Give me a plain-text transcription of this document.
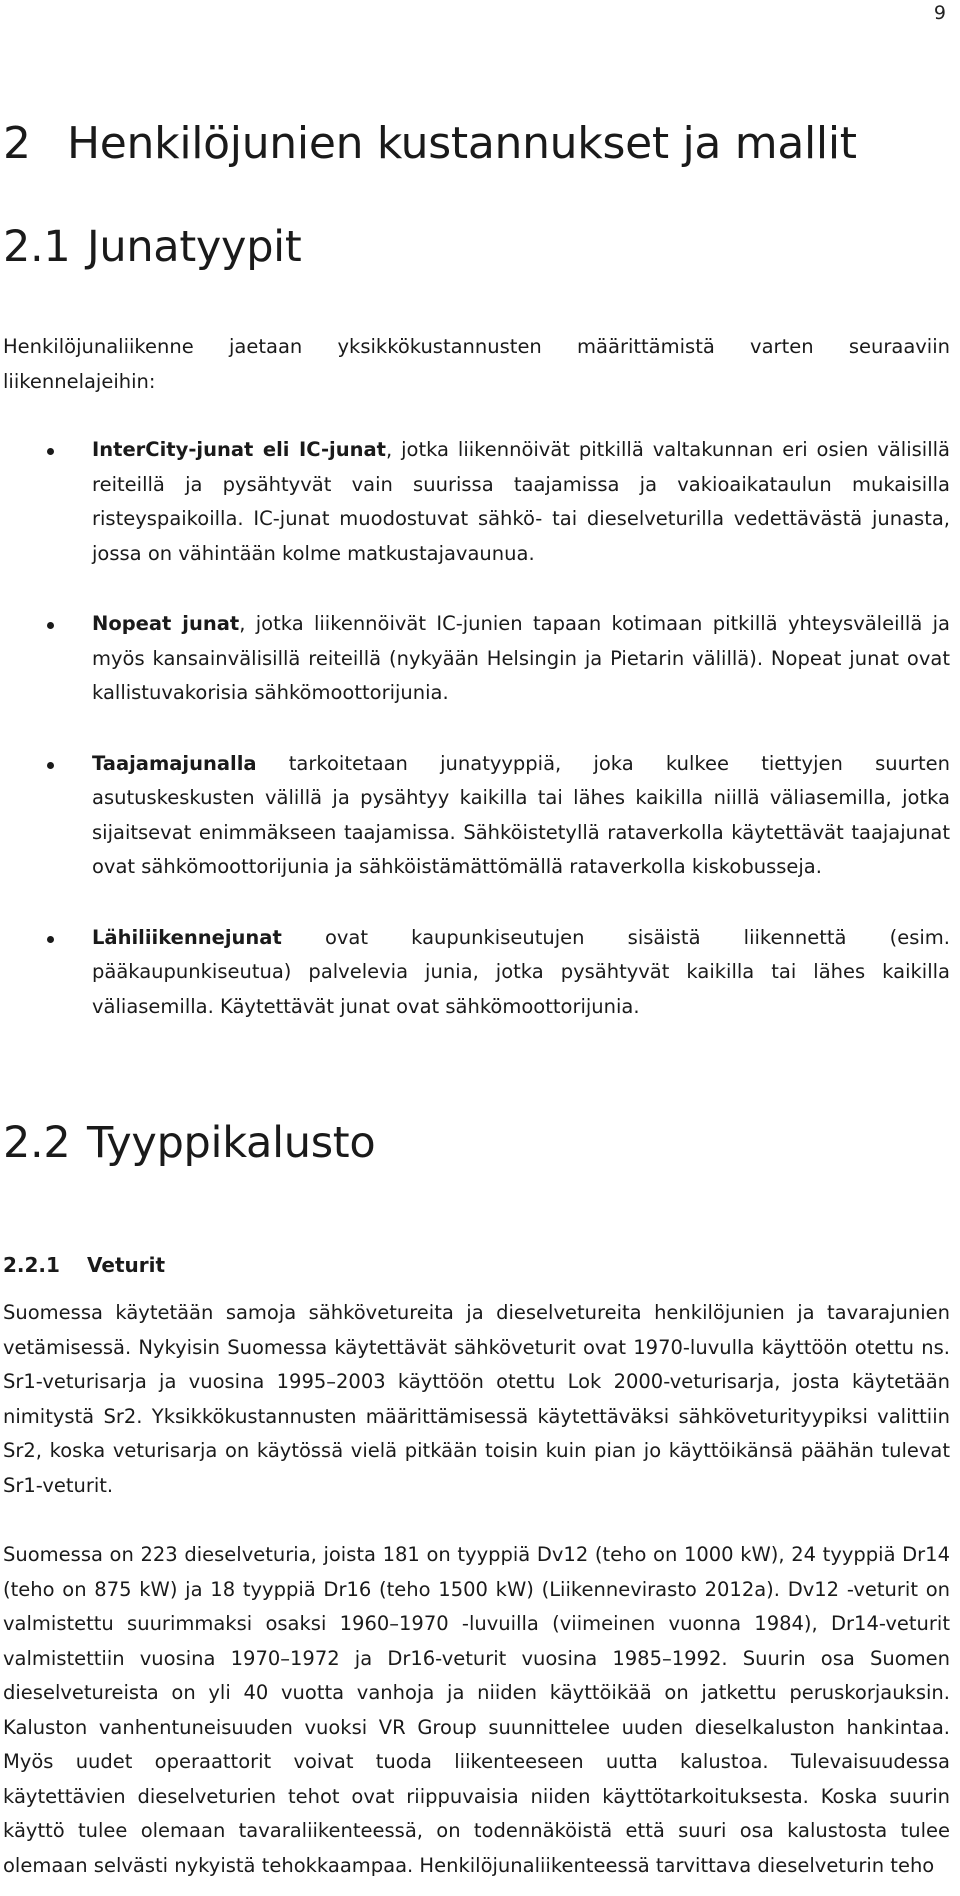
9
2 Henkilöjunien kustannukset ja mallit
2.1 Junatyypit

Henkilöjunaliikenne jaetaan yksikkökustannusten määrittämistä varten seuraaviin liikennelajeihin:

InterCity-junat eli IC-junat, jotka liikennöivät pitkillä valtakunnan eri osien välisillä reiteillä ja pysähtyvät vain suurissa taajamissa ja vakioaikataulun mukaisilla risteyspaikoilla. IC-junat muodostuvat sähkö- tai dieselveturilla vedettävästä junasta, jossa on vähintään kolme matkustajavaunua.
Nopeat junat, jotka liikennöivät IC-junien tapaan kotimaan pitkillä yhteysväleillä ja myös kansainvälisillä reiteillä (nykyään Helsingin ja Pietarin välillä). Nopeat junat ovat kallistuvakorisia sähkömoottorijunia.
Taajamajunalla tarkoitetaan junatyyppiä, joka kulkee tiettyjen suurten asutuskeskusten välillä ja pysähtyy kaikilla tai lähes kaikilla niillä väliasemilla, jotka sijaitsevat enimmäkseen taajamissa. Sähköistetyllä rataverkolla käytettävät taajajunat ovat sähkömoottorijunia ja sähköistämättömällä rataverkolla kiskobusseja.
Lähiliikennejunat ovat kaupunkiseutujen sisäistä liikennettä (esim. pääkaupunkiseutua) palvelevia junia, jotka pysähtyvät kaikilla tai lähes kaikilla väliasemilla. Käytettävät junat ovat sähkömoottorijunia.
2.2 Tyyppikalusto
2.2.1 Veturit

Suomessa käytetään samoja sähkövetureita ja dieselvetureita henkilöjunien ja tavarajunien vetämisessä. Nykyisin Suomessa käytettävät sähköveturit ovat 1970-luvulla käyttöön otettu ns. Sr1-veturisarja ja vuosina 1995–2003 käyttöön otettu Lok 2000-veturisarja, josta käytetään nimitystä Sr2. Yksikkökustannusten määrittämisessä käytettäväksi sähköveturityypiksi valittiin Sr2, koska veturisarja on käytössä vielä pitkään toisin kuin pian jo käyttöikänsä päähän tulevat Sr1-veturit.

Suomessa on 223 dieselveturia, joista 181 on tyyppiä Dv12 (teho on 1000 kW), 24 tyyppiä Dr14 (teho on 875 kW) ja 18 tyyppiä Dr16 (teho 1500 kW) (Liikennevirasto 2012a). Dv12 -veturit on valmistettu suurimmaksi osaksi 1960–1970 -luvuilla (viimeinen vuonna 1984), Dr14-veturit valmistettiin vuosina 1970–1972 ja Dr16-veturit vuosina 1985–1992. Suurin osa Suomen dieselvetureista on yli 40 vuotta vanhoja ja niiden käyttöikää on jatkettu peruskorjauksin. Kaluston vanhentuneisuuden vuoksi VR Group suunnittelee uuden dieselkaluston hankintaa. Myös uudet operaattorit voivat tuoda liikenteeseen uutta kalustoa. Tulevaisuudessa käytettävien dieselveturien tehot ovat riippuvaisia niiden käyttötarkoituksesta. Koska suurin käyttö tulee olemaan tavaraliikenteessä, on todennäköistä että suuri osa kalustosta tulee olemaan selvästi nykyistä tehokkaampaa. Henkilöjunaliikenteessä tarvittava dieselveturin teho
